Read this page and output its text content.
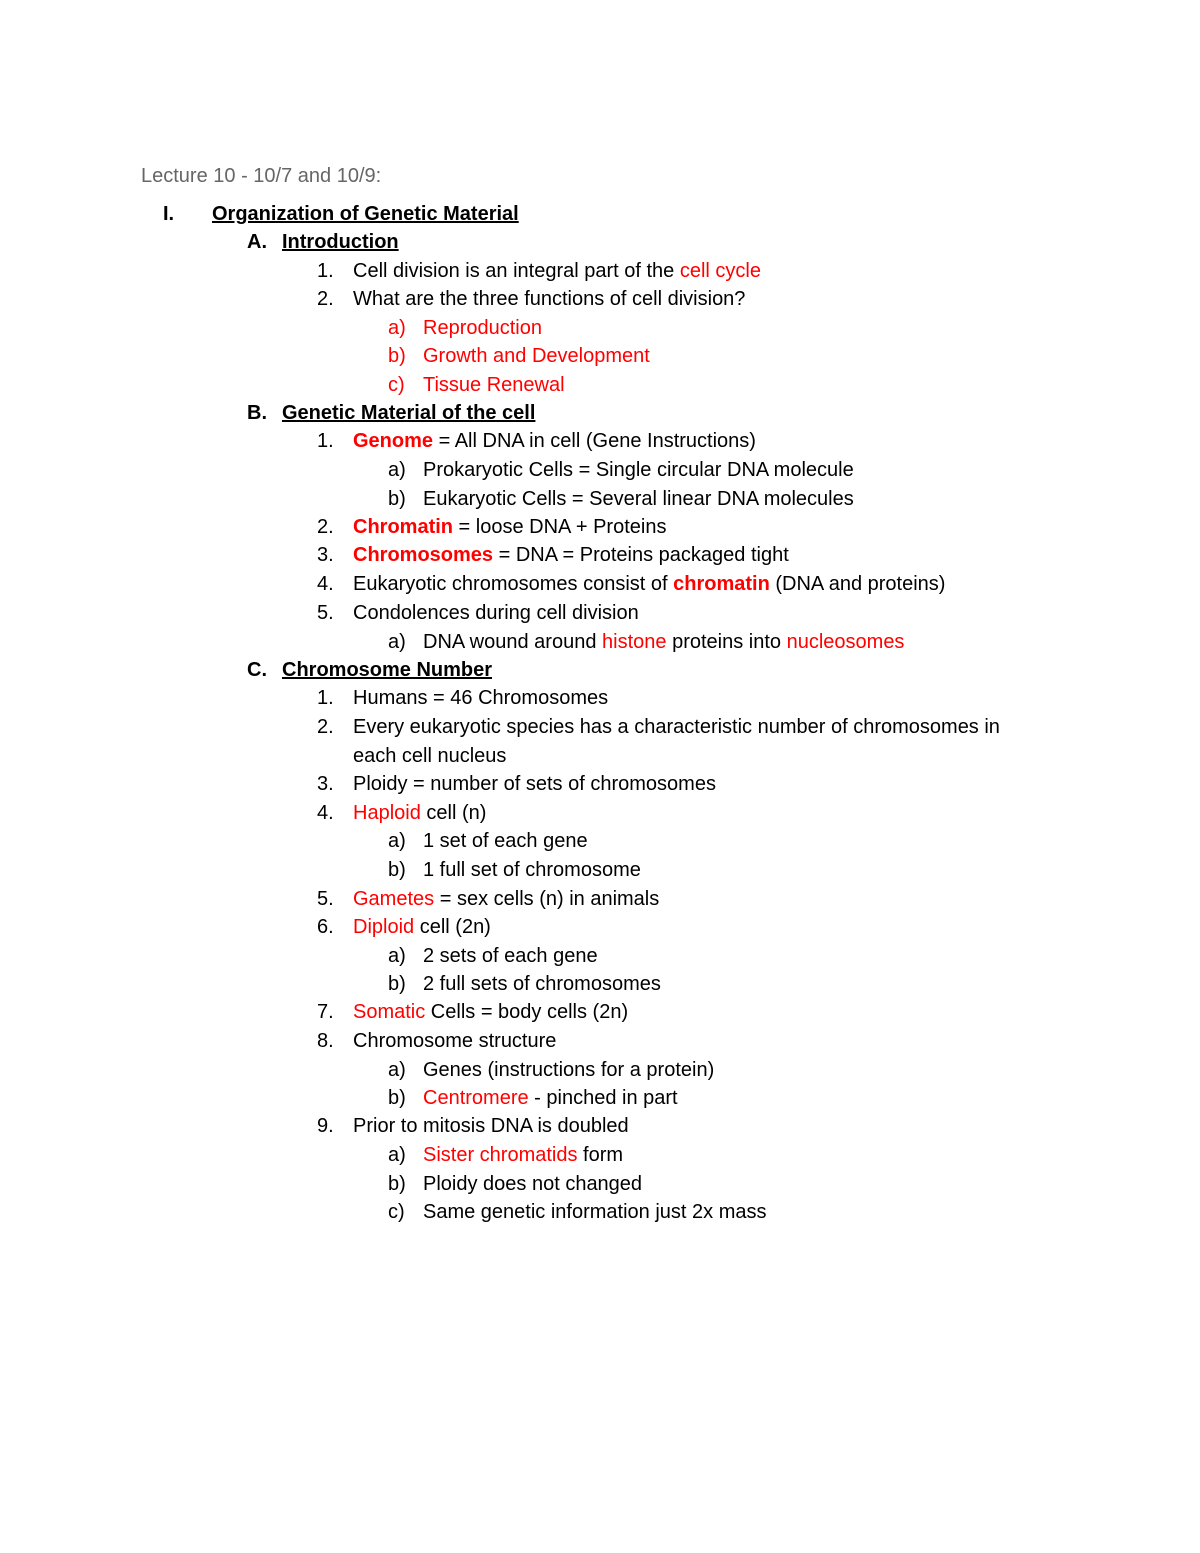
Lecture 10 - 10/7 and 10/9:
I. Organization of Genetic Material
A. Introduction
1. Cell division is an integral part of the cell cycle
2. What are the three functions of cell division?
a) Reproduction
b) Growth and Development
c) Tissue Renewal
B. Genetic Material of the cell
1. Genome = All DNA in cell (Gene Instructions)
a) Prokaryotic Cells = Single circular DNA molecule
b) Eukaryotic Cells = Several linear DNA molecules
2. Chromatin = loose DNA + Proteins
3. Chromosomes = DNA = Proteins packaged tight
4. Eukaryotic chromosomes consist of chromatin (DNA and proteins)
5. Condolences during cell division
a) DNA wound around histone proteins into nucleosomes
C. Chromosome Number
1. Humans = 46 Chromosomes
2. Every eukaryotic species has a characteristic number of chromosomes in
each cell nucleus
3. Ploidy = number of sets of chromosomes
4. Haploid cell (n)
a) 1 set of each gene
b) 1 full set of chromosome
5. Gametes = sex cells (n) in animals
6. Diploid cell (2n)
a) 2 sets of each gene
b) 2 full sets of chromosomes
7. Somatic Cells = body cells (2n)
8. Chromosome structure
a) Genes (instructions for a protein)
b) Centromere - pinched in part
9. Prior to mitosis DNA is doubled
a) Sister chromatids form
b) Ploidy does not changed
c) Same genetic information just 2x mass
